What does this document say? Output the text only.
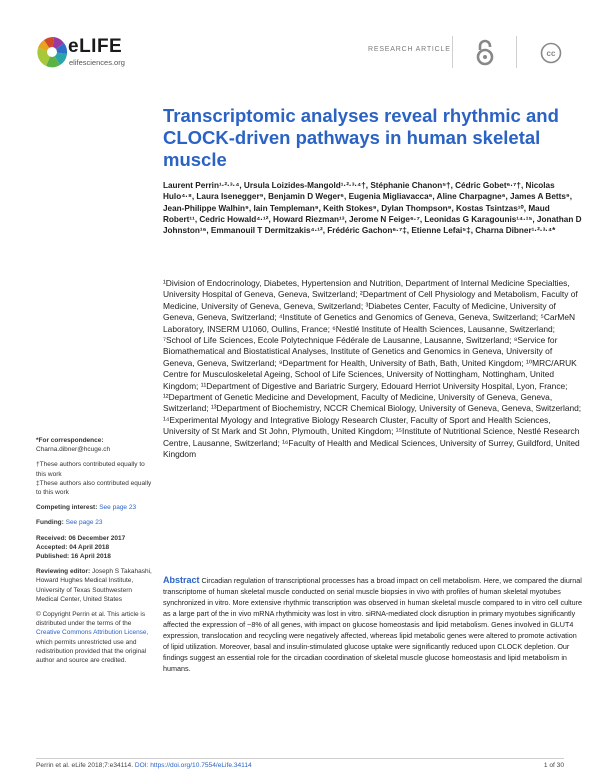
eLIFE
elifesciences.org
RESEARCH ARTICLE	cc
Transcriptomic analyses reveal rhythmic and CLOCK-driven pathways in human skeletal muscle
Laurent Perrin¹·²·³·⁴, Ursula Loizides-Mangold¹·²·³·⁴†, Stéphanie Chanon⁵†, Cédric Gobet⁶·⁷†, Nicolas Hulo⁴·⁸, Laura Isenegger⁹, Benjamin D Weger⁶, Eugenia Migliavacca⁶, Aline Charpagne⁶, James A Betts⁹, Jean-Philippe Walhin⁹, Iain Templeman⁹, Keith Stokes⁹, Dylan Thompson⁹, Kostas Tsintzas¹⁰, Maud Robert¹¹, Cedric Howald⁴·¹², Howard Riezman¹³, Jerome N Feige⁶·⁷, Leonidas G Karagounis¹⁴·¹⁵, Jonathan D Johnston¹⁶, Emmanouil T Dermitzakis⁴·¹², Frédéric Gachon⁶·⁷‡, Etienne Lefai⁵‡, Charna Dibner¹·²·³·⁴*
¹Division of Endocrinology, Diabetes, Hypertension and Nutrition, Department of Internal Medicine Specialties, University Hospital of Geneva, Geneva, Switzerland; ²Department of Cell Physiology and Metabolism, Faculty of Medicine, University of Geneva, Geneva, Switzerland; ³Diabetes Center, Faculty of Medicine, University of Geneva, Geneva, Switzerland; ⁴Institute of Genetics and Genomics of Geneva, Geneva, Switzerland; ⁵CarMeN Laboratory, INSERM U1060, Oullins, France; ⁶Nestlé Institute of Health Sciences, Lausanne, Switzerland; ⁷School of Life Sciences, Ecole Polytechnique Fédérale de Lausanne, Lausanne, Switzerland; ⁸Service for Biomathematical and Biostatistical Analyses, Institute of Genetics and Genomics in Geneva, University of Geneva, Geneva, Switzerland; ⁹Department for Health, University of Bath, Bath, United Kingdom; ¹⁰MRC/ARUK Centre for Musculoskeletal Ageing, School of Life Sciences, University of Nottingham, Nottingham, United Kingdom; ¹¹Department of Digestive and Bariatric Surgery, Edouard Herriot University Hospital, Lyon, France; ¹²Department of Genetic Medicine and Development, Faculty of Medicine, University of Geneva, Geneva, Switzerland; ¹³Department of Biochemistry, NCCR Chemical Biology, University of Geneva, Geneva, Switzerland; ¹⁴Experimental Myology and Integrative Biology Research Cluster, Faculty of Sport and Health Sciences, University of St Mark and St John, Plymouth, United Kingdom; ¹⁵Institute of Nutritional Science, Nestlé Research Centre, Lausanne, Switzerland; ¹⁶Faculty of Health and Medical Sciences, University of Surrey, Guildford, United Kingdom
*For correspondence:
Charna.dibner@hcuge.ch
†These authors contributed equally to this work
‡These authors also contributed equally to this work
Competing interest: See page 23
Funding: See page 23
Received: 06 December 2017
Accepted: 04 April 2018
Published: 16 April 2018
Reviewing editor: Joseph S Takahashi, Howard Hughes Medical Institute, University of Texas Southwestern Medical Center, United States
© Copyright Perrin et al. This article is distributed under the terms of the Creative Commons Attribution License, which permits unrestricted use and redistribution provided that the original author and source are credited.
Abstract Circadian regulation of transcriptional processes has a broad impact on cell metabolism. Here, we compared the diurnal transcriptome of human skeletal muscle conducted on serial muscle biopsies in vivo with profiles of human skeletal myotubes synchronized in vitro. More extensive rhythmic transcription was observed in human skeletal muscle compared to in vitro cell culture as a large part of the in vivo mRNA rhythmicity was lost in vitro. siRNA-mediated clock disruption in primary myotubes significantly affected the expression of ~8% of all genes, with impact on glucose homeostasis and lipid metabolism. Genes involved in GLUT4 expression, translocation and recycling were negatively affected, whereas lipid metabolic genes were altered to promote activation of lipid utilization. Moreover, basal and insulin-stimulated glucose uptake were significantly reduced upon CLOCK depletion. Our findings suggest an essential role for the circadian coordination of skeletal muscle glucose homeostasis and lipid metabolism in humans.
Perrin et al. eLife 2018;7:e34114. DOI: https://doi.org/10.7554/eLife.34114	1 of 30
